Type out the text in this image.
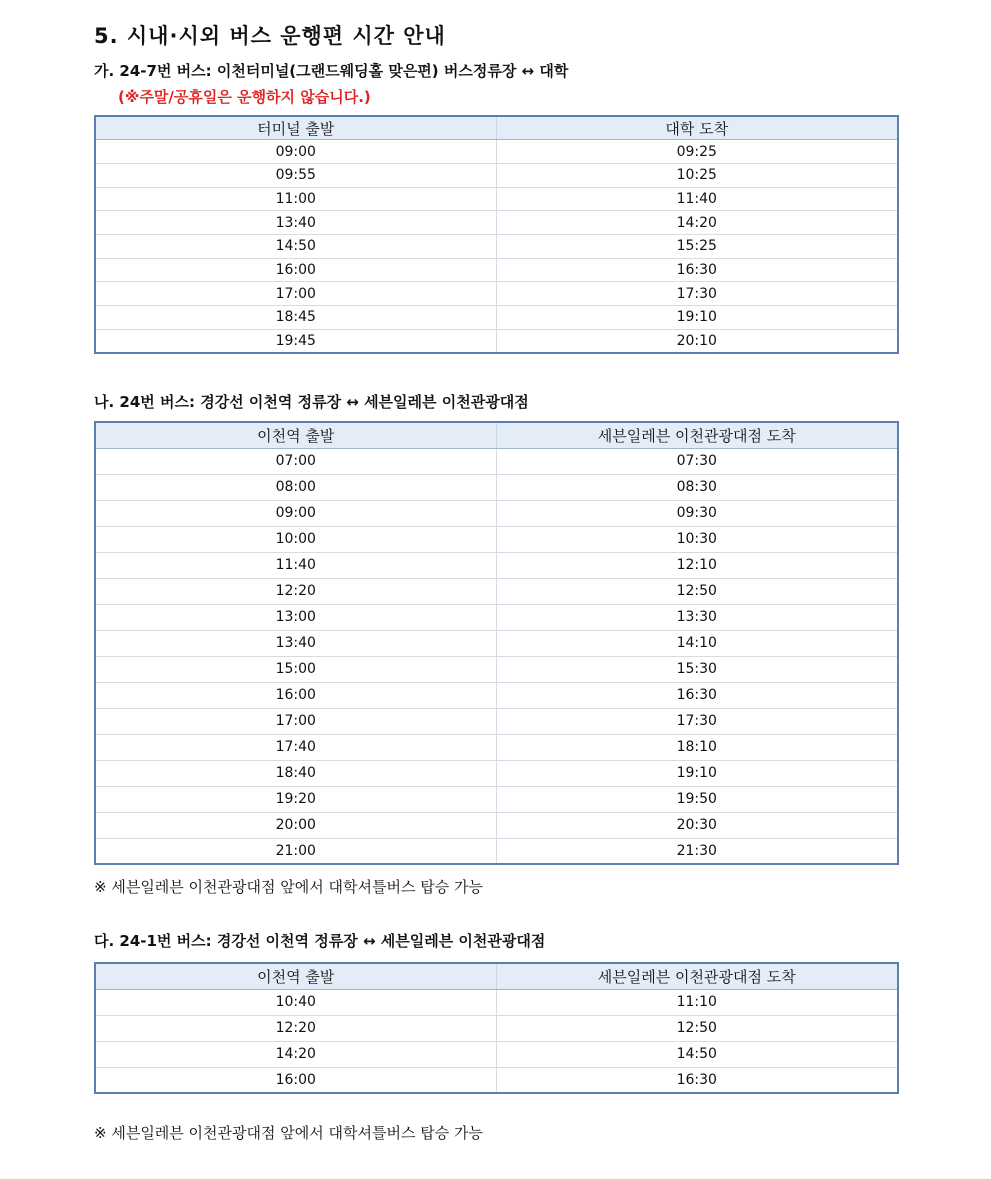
5. 시내·시외 버스 운행편 시간 안내
가. 24-7번 버스: 이천터미널(그랜드웨딩홀 맞은편) 버스정류장 ↔ 대학
(※주말/공휴일은 운행하지 않습니다.)
터미널 출발	대학 도착
09:00	09:25
09:55	10:25
11:00	11:40
13:40	14:20
14:50	15:25
16:00	16:30
17:00	17:30
18:45	19:10
19:45	20:10
나. 24번 버스: 경강선 이천역 정류장 ↔ 세븐일레븐 이천관광대점
이천역 출발	세븐일레븐 이천관광대점 도착
07:00	07:30
08:00	08:30
09:00	09:30
10:00	10:30
11:40	12:10
12:20	12:50
13:00	13:30
13:40	14:10
15:00	15:30
16:00	16:30
17:00	17:30
17:40	18:10
18:40	19:10
19:20	19:50
20:00	20:30
21:00	21:30
※ 세븐일레븐 이천관광대점 앞에서 대학셔틀버스 탑승 가능
다. 24-1번 버스: 경강선 이천역 정류장 ↔ 세븐일레븐 이천관광대점
이천역 출발	세븐일레븐 이천관광대점 도착
10:40	11:10
12:20	12:50
14:20	14:50
16:00	16:30
※ 세븐일레븐 이천관광대점 앞에서 대학셔틀버스 탑승 가능
